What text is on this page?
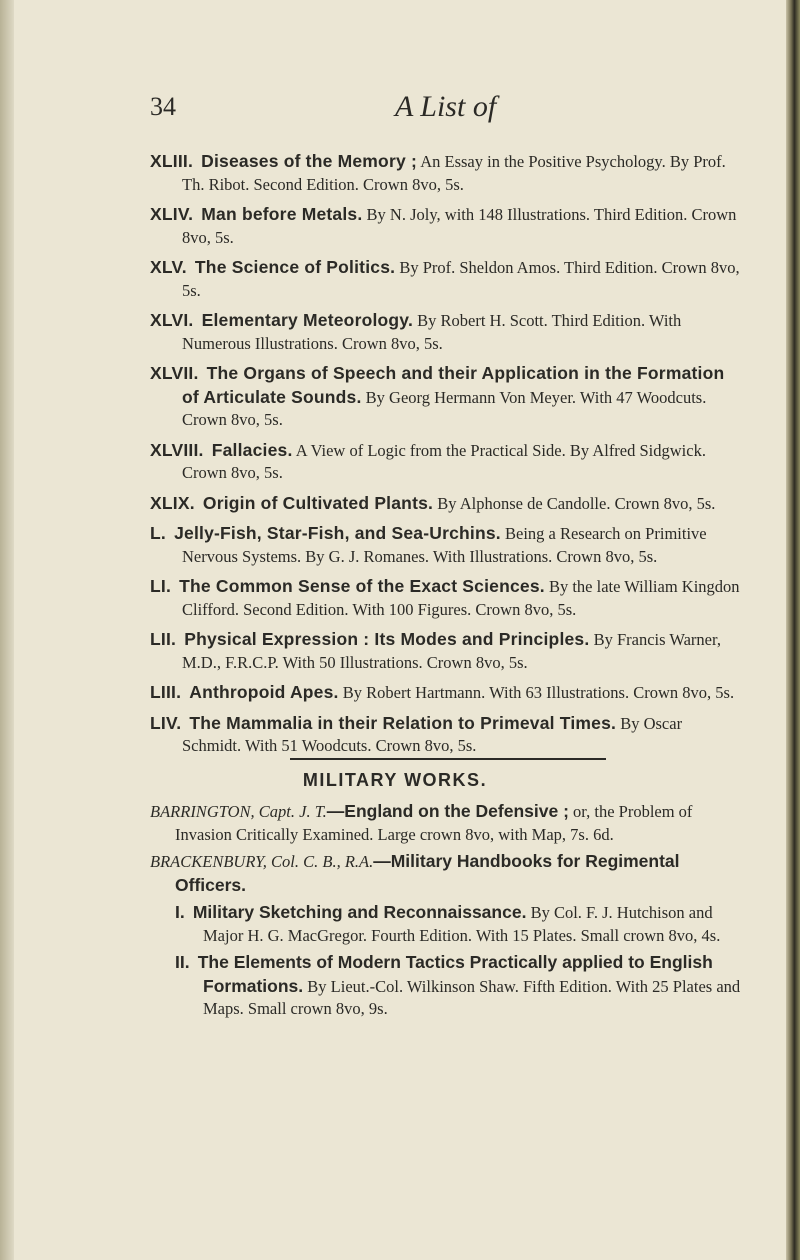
34	A List of
XLIII. Diseases of the Memory ; An Essay in the Positive Psychology. By Prof. Th. Ribot. Second Edition. Crown 8vo, 5s.
XLIV. Man before Metals. By N. Joly, with 148 Illustrations. Third Edition. Crown 8vo, 5s.
XLV. The Science of Politics. By Prof. Sheldon Amos. Third Edition. Crown 8vo, 5s.
XLVI. Elementary Meteorology. By Robert H. Scott. Third Edition. With Numerous Illustrations. Crown 8vo, 5s.
XLVII. The Organs of Speech and their Application in the Formation of Articulate Sounds. By Georg Hermann Von Meyer. With 47 Woodcuts. Crown 8vo, 5s.
XLVIII. Fallacies. A View of Logic from the Practical Side. By Alfred Sidgwick. Crown 8vo, 5s.
XLIX. Origin of Cultivated Plants. By Alphonse de Candolle. Crown 8vo, 5s.
L. Jelly-Fish, Star-Fish, and Sea-Urchins. Being a Research on Primitive Nervous Systems. By G. J. Romanes. With Illustrations. Crown 8vo, 5s.
LI. The Common Sense of the Exact Sciences. By the late William Kingdon Clifford. Second Edition. With 100 Figures. Crown 8vo, 5s.
LII. Physical Expression : Its Modes and Principles. By Francis Warner, M.D., F.R.C.P. With 50 Illustrations. Crown 8vo, 5s.
LIII. Anthropoid Apes. By Robert Hartmann. With 63 Illustrations. Crown 8vo, 5s.
LIV. The Mammalia in their Relation to Primeval Times. By Oscar Schmidt. With 51 Woodcuts. Crown 8vo, 5s.
MILITARY WORKS.
BARRINGTON, Capt. J. T.—England on the Defensive ; or, the Problem of Invasion Critically Examined. Large crown 8vo, with Map, 7s. 6d.
BRACKENBURY, Col. C. B., R.A.—Military Handbooks for Regimental Officers.
I. Military Sketching and Reconnaissance. By Col. F. J. Hutchison and Major H. G. MacGregor. Fourth Edition. With 15 Plates. Small crown 8vo, 4s.
II. The Elements of Modern Tactics Practically applied to English Formations. By Lieut.-Col. Wilkinson Shaw. Fifth Edition. With 25 Plates and Maps. Small crown 8vo, 9s.
